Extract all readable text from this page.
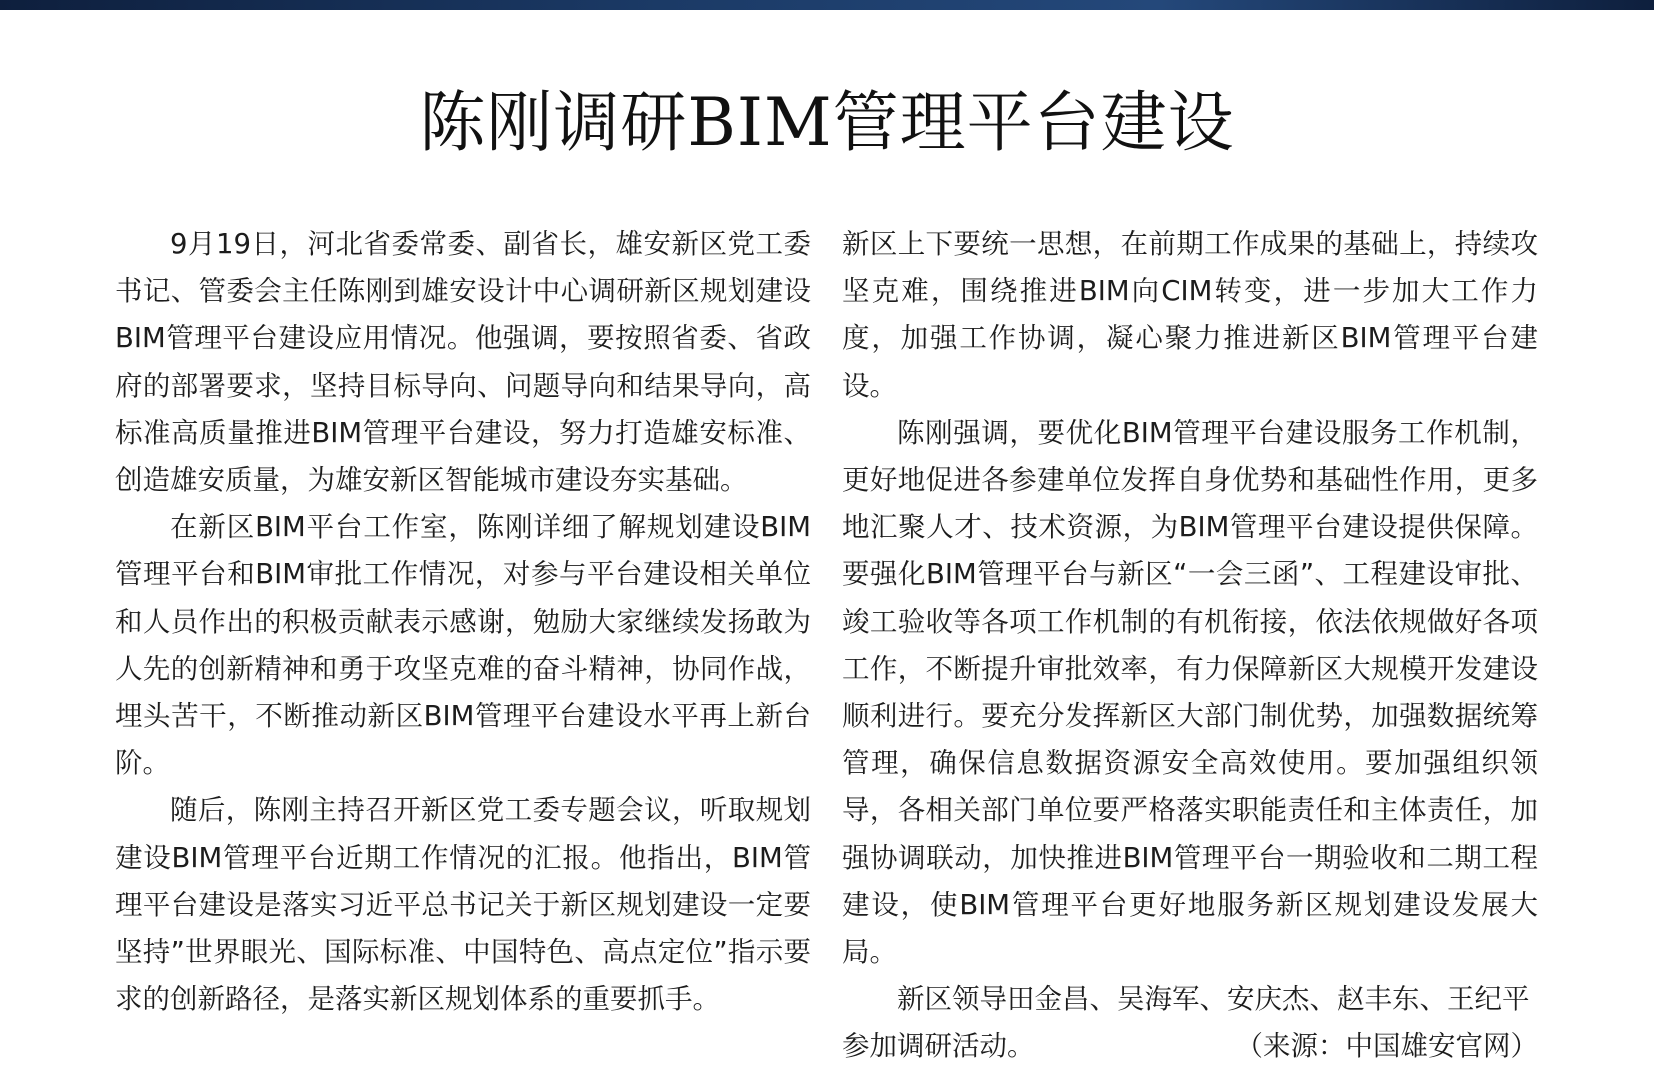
陈刚调研BIM管理平台建设

9月19日，河北省委常委、副省长，雄安新区党工委书记、管委会主任陈刚到雄安设计中心调研新区规划建设BIM管理平台建设应用情况。他强调，要按照省委、省政府的部署要求，坚持目标导向、问题导向和结果导向，高标准高质量推进BIM管理平台建设，努力打造雄安标准、创造雄安质量，为雄安新区智能城市建设夯实基础。

在新区BIM平台工作室，陈刚详细了解规划建设BIM管理平台和BIM审批工作情况，对参与平台建设相关单位和人员作出的积极贡献表示感谢，勉励大家继续发扬敢为人先的创新精神和勇于攻坚克难的奋斗精神，协同作战，埋头苦干，不断推动新区BIM管理平台建设水平再上新台阶。

随后，陈刚主持召开新区党工委专题会议，听取规划建设BIM管理平台近期工作情况的汇报。他指出，BIM管理平台建设是落实习近平总书记关于新区规划建设一定要坚持”世界眼光、国际标准、中国特色、高点定位”指示要求的创新路径，是落实新区规划体系的重要抓手。

新区上下要统一思想，在前期工作成果的基础上，持续攻坚克难，围绕推进BIM向CIM转变，进一步加大工作力度，加强工作协调，凝心聚力推进新区BIM管理平台建设。

陈刚强调，要优化BIM管理平台建设服务工作机制，更好地促进各参建单位发挥自身优势和基础性作用，更多地汇聚人才、技术资源，为BIM管理平台建设提供保障。要强化BIM管理平台与新区“一会三函”、工程建设审批、竣工验收等各项工作机制的有机衔接，依法依规做好各项工作，不断提升审批效率，有力保障新区大规模开发建设顺利进行。要充分发挥新区大部门制优势，加强数据统筹管理，确保信息数据资源安全高效使用。要加强组织领导，各相关部门单位要严格落实职能责任和主体责任，加强协调联动，加快推进BIM管理平台一期验收和二期工程建设，使BIM管理平台更好地服务新区规划建设发展大局。

新区领导田金昌、吴海军、安庆杰、赵丰东、王纪平

参加调研活动。	（来源：中国雄安官网）
